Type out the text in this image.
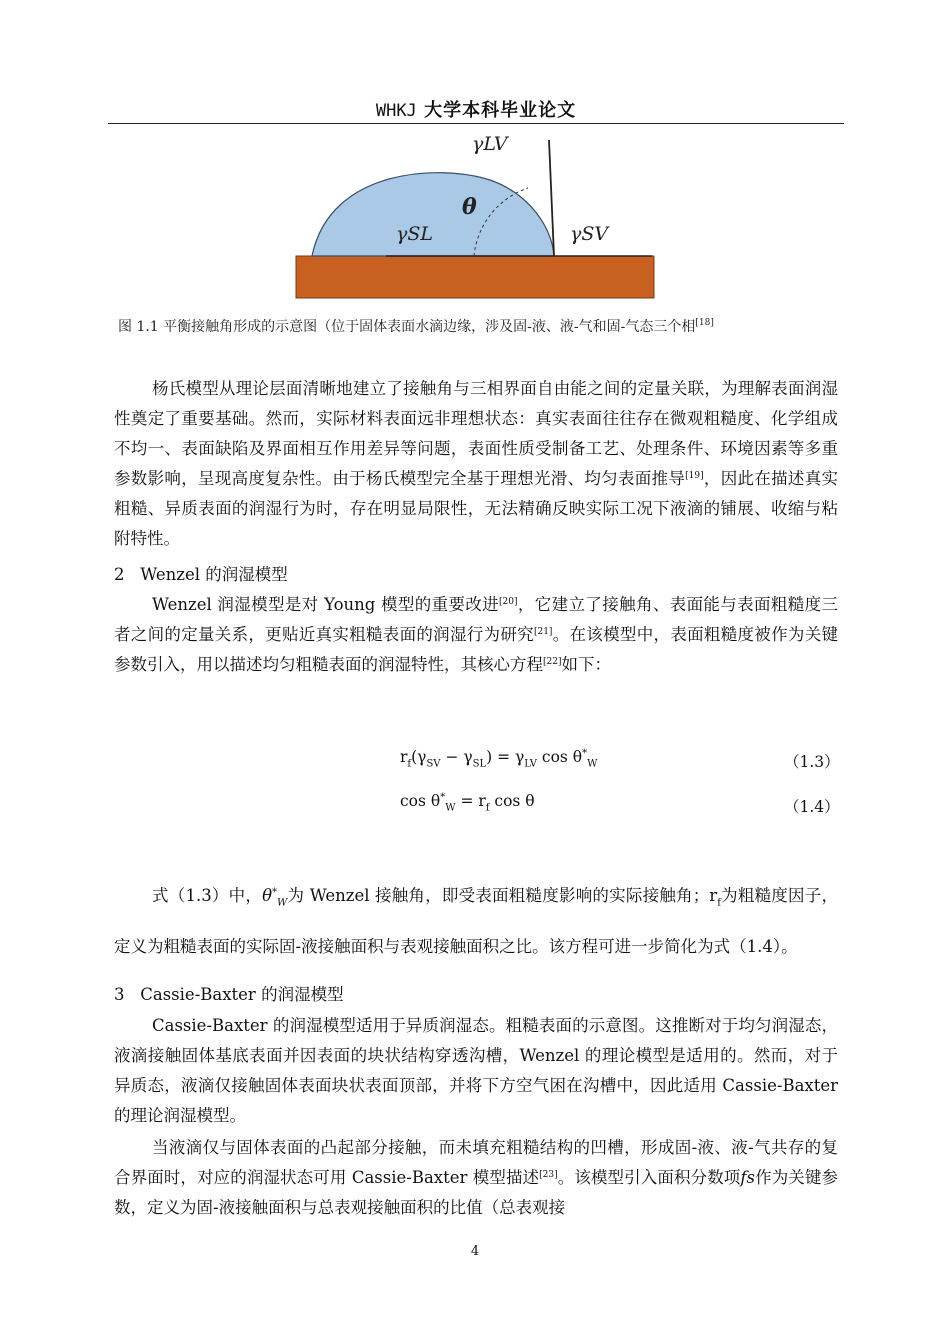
WHKJ 大学本科毕业论文
γLV
θ
γSL	γSV
图 1.1 平衡接触角形成的示意图（位于固体表面水滴边缘，涉及固-液、液-气和固-气态三个相[18]
杨氏模型从理论层面清晰地建立了接触角与三相界面自由能之间的定量关联，为理解表面润湿性奠定了重要基础。然而，实际材料表面远非理想状态：真实表面往往存在微观粗糙度、化学组成不均一、表面缺陷及界面相互作用差异等问题，表面性质受制备工艺、处理条件、环境因素等多重参数影响，呈现高度复杂性。由于杨氏模型完全基于理想光滑、均匀表面推导[19]，因此在描述真实粗糙、异质表面的润湿行为时，存在明显局限性，无法精确反映实际工况下液滴的铺展、收缩与粘附特性。
2 Wenzel 的润湿模型
Wenzel 润湿模型是对 Young 模型的重要改进[20]，它建立了接触角、表面能与表面粗糙度三者之间的定量关系，更贴近真实粗糙表面的润湿行为研究[21]。在该模型中，表面粗糙度被作为关键参数引入，用以描述均匀粗糙表面的润湿特性，其核心方程[22]如下：
$r_f(\gamma_{SV} - \gamma_{SL}) = \gamma_{LV}$ $\cos \theta^*_W$	（1.3）
$\cos \theta^*_W = r_f$ cos θ	（1.4）
式（1.3）中，$\theta^*_W$为 Wenzel 接触角，即受表面粗糙度影响的实际接触角；$r_f$为粗糙度因子，定义为粗糙表面的实际固-液接触面积与表观接触面积之比。该方程可进一步简化为式（1.4）。
3 Cassie-Baxter 的润湿模型
Cassie-Baxter 的润湿模型适用于异质润湿态。粗糙表面的示意图。这推断对于均匀润湿态，液滴接触固体基底表面并因表面的块状结构穿透沟槽，Wenzel 的理论模型是适用的。然而，对于异质态，液滴仅接触固体表面块状表面顶部，并将下方空气困在沟槽中，因此适用 Cassie-Baxter 的理论润湿模型。
当液滴仅与固体表面的凸起部分接触，而未填充粗糙结构的凹槽，形成固-液、液-气共存的复合界面时，对应的润湿状态可用 Cassie-Baxter 模型描述[23]。该模型引入面积分数项fs作为关键参数，定义为固-液接触面积与总表观接触面积的比值（总表观接
4
